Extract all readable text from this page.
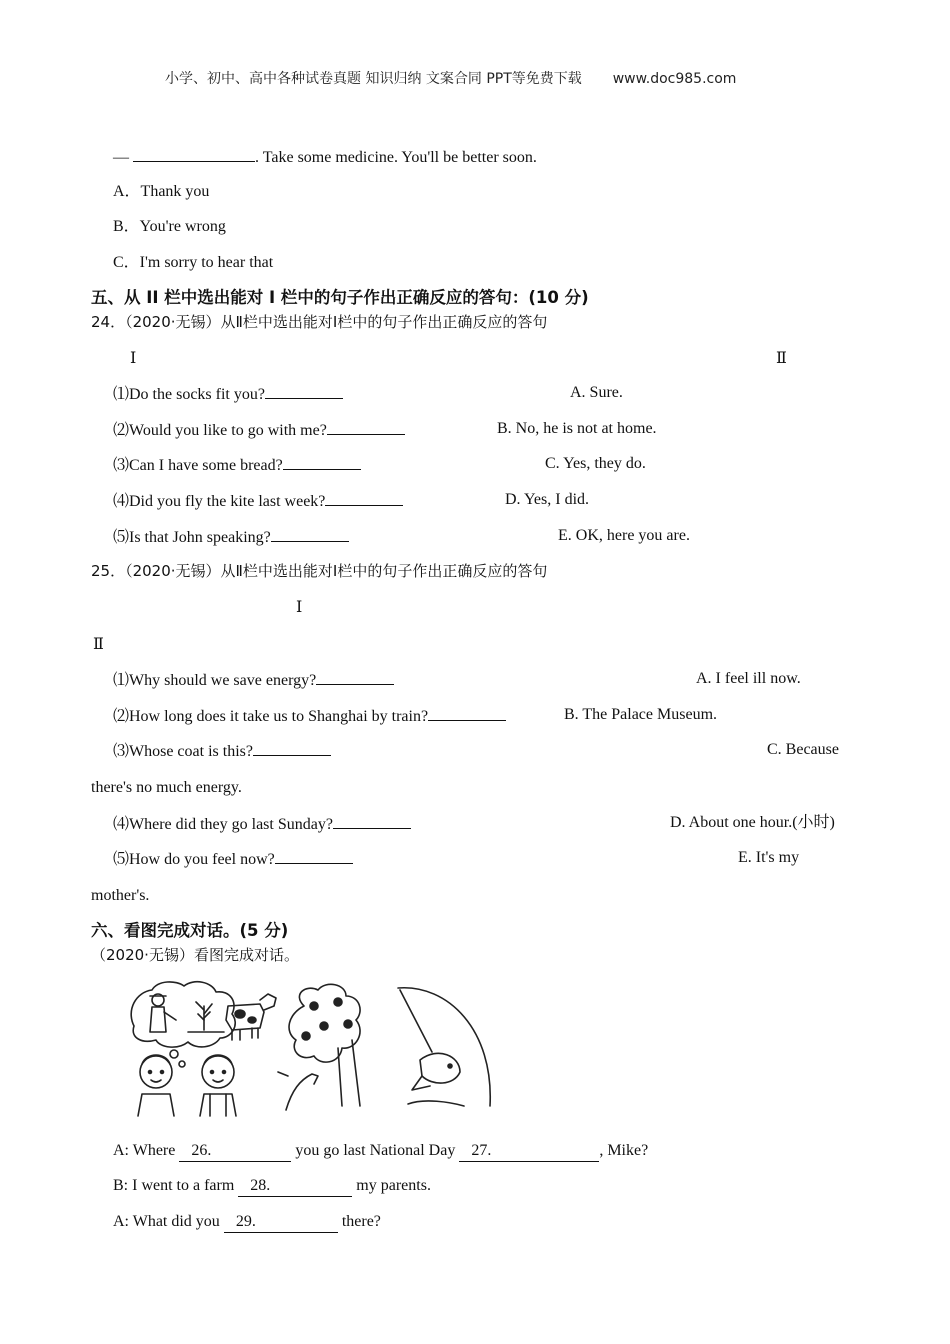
小学、初中、高中各种试卷真题 知识归纳 文案合同 PPT等免费下载 www.doc985.com
—	. Take some medicine. You'll be better soon.
A．Thank you
B．You're wrong
C．I'm sorry to hear that
五、从 II 栏中选出能对 I 栏中的句子作出正确反应的答句：(10 分)
24．（2020·无锡）从Ⅱ栏中选出能对Ⅰ栏中的句子作出正确反应的答句
Ⅰ	Ⅱ
⑴Do the socks fit you?	A. Sure.
⑵Would you like to go with me?	B. No, he is not at home.
⑶Can I have some bread?	C. Yes, they do.
⑷Did you fly the kite last week?	D. Yes, I did.
⑸Is that John speaking?	E. OK, here you are.
25．（2020·无锡）从Ⅱ栏中选出能对Ⅰ栏中的句子作出正确反应的答句
Ⅰ
Ⅱ
⑴Why should we save energy?	A. I feel ill now.
⑵How long does it take us to Shanghai by train?	B. The Palace Museum.
⑶Whose coat is this?	C. Because
there's no much energy.
⑷Where did they go last Sunday?	D. About one hour.(小时)
⑸How do you feel now?	E. It's my
mother's.
六、看图完成对话。(5 分)
（2020·无锡）看图完成对话。
A: Where    26.	you go last National Day    27.	, Mike?
B: I went to a farm    28.	my parents.
A: What did you    29.	there?
